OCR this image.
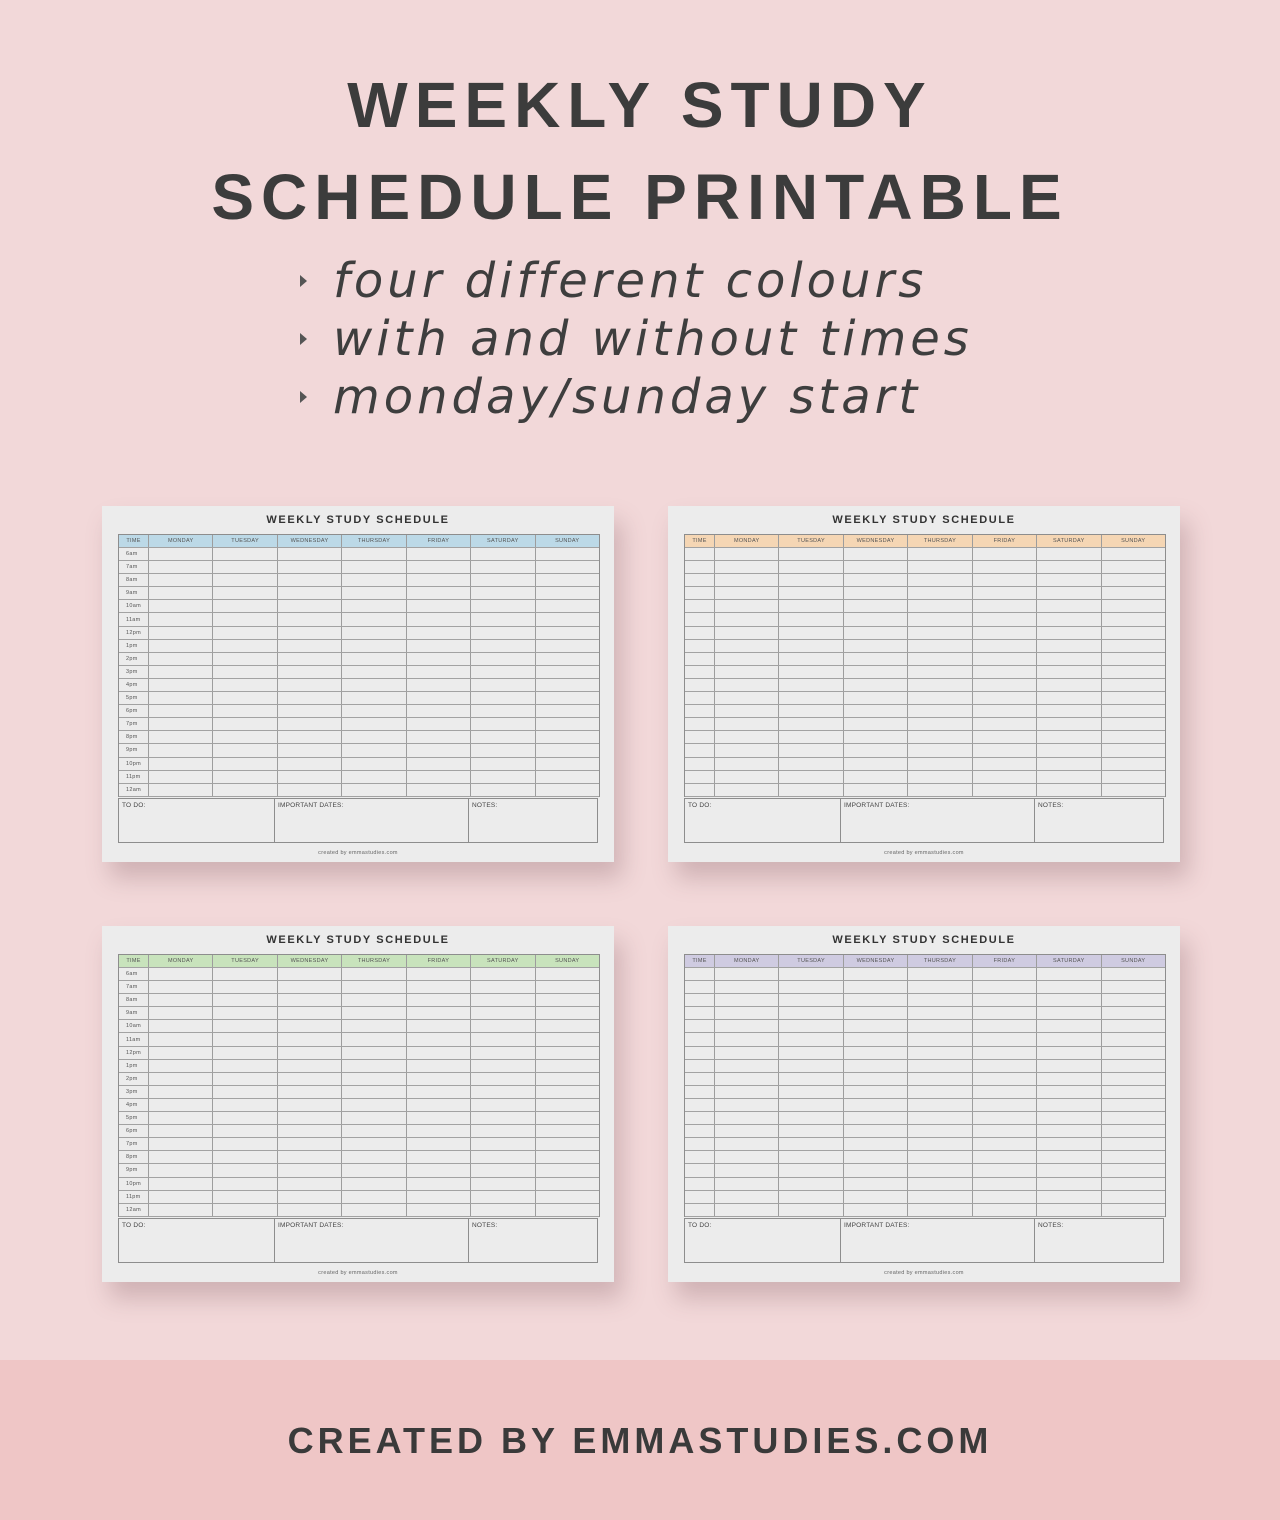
WEEKLY STUDY
SCHEDULE PRINTABLE
four different colours
with and without times
monday/sunday start
WEEKLY STUDY SCHEDULE
TIME	MONDAY	TUESDAY	WEDNESDAY	THURSDAY	FRIDAY	SATURDAY	SUNDAY
6am
7am
8am
9am
10am
11am
12pm
1pm
2pm
3pm
4pm
5pm
6pm
7pm
8pm
9pm
10pm
11pm
12am
TO DO:	IMPORTANT DATES:	NOTES:
created by emmastudies.com
WEEKLY STUDY SCHEDULE
TIME	MONDAY	TUESDAY	WEDNESDAY	THURSDAY	FRIDAY	SATURDAY	SUNDAY
TO DO:	IMPORTANT DATES:	NOTES:
created by emmastudies.com
WEEKLY STUDY SCHEDULE
TIME	MONDAY	TUESDAY	WEDNESDAY	THURSDAY	FRIDAY	SATURDAY	SUNDAY
6am
7am
8am
9am
10am
11am
12pm
1pm
2pm
3pm
4pm
5pm
6pm
7pm
8pm
9pm
10pm
11pm
12am
TO DO:	IMPORTANT DATES:	NOTES:
created by emmastudies.com
WEEKLY STUDY SCHEDULE
TIME	MONDAY	TUESDAY	WEDNESDAY	THURSDAY	FRIDAY	SATURDAY	SUNDAY
TO DO:	IMPORTANT DATES:	NOTES:
created by emmastudies.com
CREATED BY EMMASTUDIES.COM
